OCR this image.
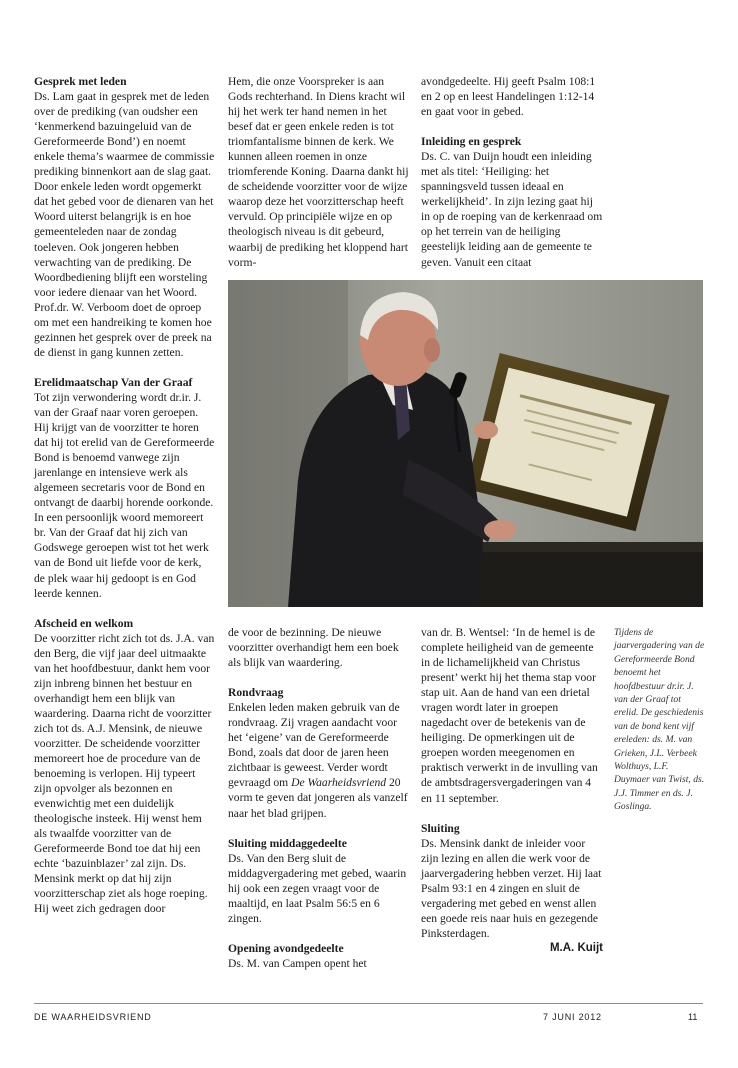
Gesprek met leden

Ds. Lam gaat in gesprek met de leden over de prediking (van oudsher een ‘kenmerkend bazuingeluid van de Gereformeerde Bond’) en noemt enkele thema’s waarmee de commissie prediking binnenkort aan de slag gaat. Door enkele leden wordt opgemerkt dat het gebed voor de dienaren van het Woord uiterst belangrijk is en hoe gemeenteleden naar de zondag toeleven. Ook jongeren hebben verwachting van de prediking. De Woordbediening blijft een worsteling voor iedere dienaar van het Woord. Prof.dr. W. Verboom doet de oproep om met een handreiking te komen hoe gezinnen het gesprek over de preek na de dienst in gang kunnen zetten.

Erelidmaatschap Van der Graaf

Tot zijn verwondering wordt dr.ir. J. van der Graaf naar voren geroepen. Hij krijgt van de voorzitter te horen dat hij tot erelid van de Gereformeerde Bond is benoemd vanwege zijn jarenlange en intensieve werk als algemeen secretaris voor de Bond en ontvangt de daarbij horende oorkonde. In een persoonlijk woord memoreert br. Van der Graaf dat hij zich van Godswege geroepen wist tot het werk van de Bond uit liefde voor de kerk, de plek waar hij gedoopt is en God leerde kennen.

Afscheid en welkom

De voorzitter richt zich tot ds. J.A. van den Berg, die vijf jaar deel uitmaakte van het hoofdbestuur, dankt hem voor zijn inbreng binnen het bestuur en overhandigt hem een blijk van waardering. Daarna richt de voorzitter zich tot ds. A.J. Mensink, de nieuwe voorzitter. De scheidende voorzitter memoreert hoe de procedure van de benoeming is verlopen. Hij typeert zijn opvolger als bezonnen en evenwichtig met een duidelijk theologische insteek. Hij wenst hem als twaalfde voorzitter van de Gereformeerde Bond toe dat hij een echte ‘bazuinblazer’ zal zijn. Ds. Mensink merkt op dat hij zijn voorzitterschap ziet als hoge roeping. Hij weet zich gedragen door

Hem, die onze Voorspreker is aan Gods rechterhand. In Diens kracht wil hij het werk ter hand nemen in het besef dat er geen enkele reden is tot triomfantalisme binnen de kerk. We kunnen alleen roemen in onze triomferende Koning. Daarna dankt hij de scheidende voorzitter voor de wijze waarop deze het voorzitterschap heeft vervuld. Op principiële wijze en op theologisch niveau is dit gebeurd, waarbij de prediking het kloppend hart vorm-

avondgedeelte. Hij geeft Psalm 108:1 en 2 op en leest Handelingen 1:12-14 en gaat voor in gebed.

Inleiding en gesprek

Ds. C. van Duijn houdt een inleiding met als titel: ‘Heiliging: het spanningsveld tussen ideaal en werkelijkheid’. In zijn lezing gaat hij in op de roeping van de kerkenraad om op het terrein van de heiliging geestelijk leiding aan de gemeente te geven. Vanuit een citaat

de voor de bezinning. De nieuwe voorzitter overhandigt hem een boek als blijk van waardering.

Rondvraag

Enkelen leden maken gebruik van de rondvraag. Zij vragen aandacht voor het ‘eigene’ van de Gereformeerde Bond, zoals dat door de jaren heen zichtbaar is geweest. Verder wordt gevraagd om De Waarheidsvriend 20 vorm te geven dat jongeren als vanzelf naar het blad grijpen.

Sluiting middaggedeelte

Ds. Van den Berg sluit de middagvergadering met gebed, waarin hij ook een zegen vraagt voor de maaltijd, en laat Psalm 56:5 en 6 zingen.

Opening avondgedeelte

Ds. M. van Campen opent het

van dr. B. Wentsel: ‘In de hemel is de complete heiligheid van de gemeente in de lichamelijkheid van Christus present’ werkt hij het thema stap voor stap uit. Aan de hand van een drietal vragen wordt later in groepen nagedacht over de betekenis van de heiliging. De opmerkingen uit de groepen worden meegenomen en praktisch verwerkt in de invulling van de ambtsdragersvergaderingen van 4 en 11 september.

Sluiting

Ds. Mensink dankt de inleider voor zijn lezing en allen die werk voor de jaarvergadering hebben verzet. Hij laat Psalm 93:1 en 4 zingen en sluit de vergadering met gebed en wenst allen een goede reis naar huis en gezegende Pinksterdagen.

M.A. Kuijt

Tijdens de jaarvergadering van de Gereformeerde Bond benoemt het hoofdbestuur dr.ir. J. van der Graaf tot erelid. De geschiedenis van de bond kent vijf ereleden: ds. M. van Grieken, J.L. Verbeek Wolthuys, L.F. Duymaer van Twist, ds. J.J. Timmer en ds. J. Goslinga.
DE WAARHEIDSVRIEND	7 JUNI 2012	11
